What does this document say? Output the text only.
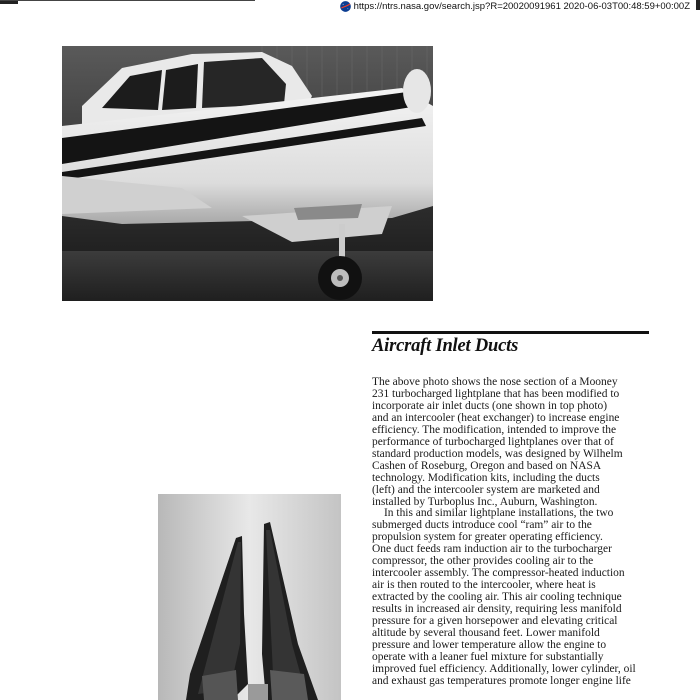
https://ntrs.nasa.gov/search.jsp?R=20020091961 2020-06-03T00:48:59+00:00Z
Aircraft Inlet Ducts
The above photo shows the nose section of a Mooney
231 turbocharged lightplane that has been modified to
incorporate air inlet ducts (one shown in top photo)
and an intercooler (heat exchanger) to increase engine
efficiency. The modification, intended to improve the
performance of turbocharged lightplanes over that of
standard production models, was designed by Wilhelm
Cashen of Roseburg, Oregon and based on NASA
technology. Modification kits, including the ducts
(left) and the intercooler system are marketed and
installed by Turboplus Inc., Auburn, Washington.
In this and similar lightplane installations, the two
submerged ducts introduce cool “ram” air to the
propulsion system for greater operating efficiency.
One duct feeds ram induction air to the turbocharger
compressor, the other provides cooling air to the
intercooler assembly. The compressor-heated induction
air is then routed to the intercooler, where heat is
extracted by the cooling air. This air cooling technique
results in increased air density, requiring less manifold
pressure for a given horsepower and elevating critical
altitude by several thousand feet. Lower manifold
pressure and lower temperature allow the engine to
operate with a leaner fuel mixture for substantially
improved fuel efficiency. Additionally, lower cylinder, oil
and exhaust gas temperatures promote longer engine life
